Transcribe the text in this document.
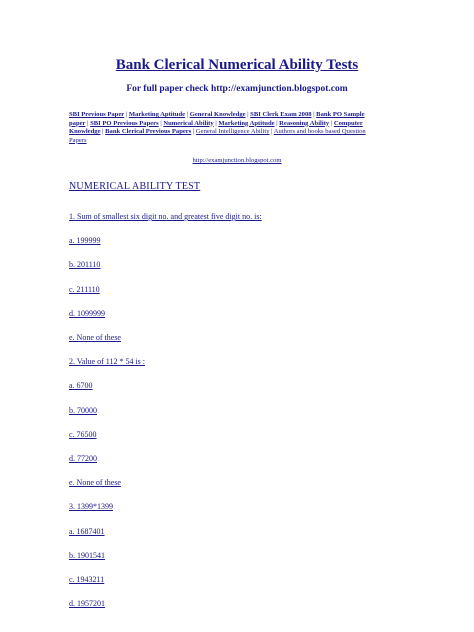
Bank Clerical Numerical Ability Tests
For full paper check http://examjunction.blogspot.com
SBI Previous Paper | Marketing Aptitude | General Knowledge | SBI Clerk Exam 2008 | Bank PO Sample paper | SBI PO Previous Papers | Numerical Ability | Marketing Aptitude | Reasoning Ability | Computer Knowledge | Bank Clerical Previous Papers | General Intelligence Ability | Authors and books based Question Papers
http://examjunction.blogspot.com
NUMERICAL ABILITY TEST
1. Sum of smallest six digit no. and greatest five digit no. is:
a. 199999
b. 201110
c. 211110
d. 1099999
e. None of these
2. Value of 112 * 54 is :
a. 6700
b. 70000
c. 76500
d. 77200
e. None of these
3. 1399*1399
a. 1687401
b. 1901541
c. 1943211
d. 1957201
